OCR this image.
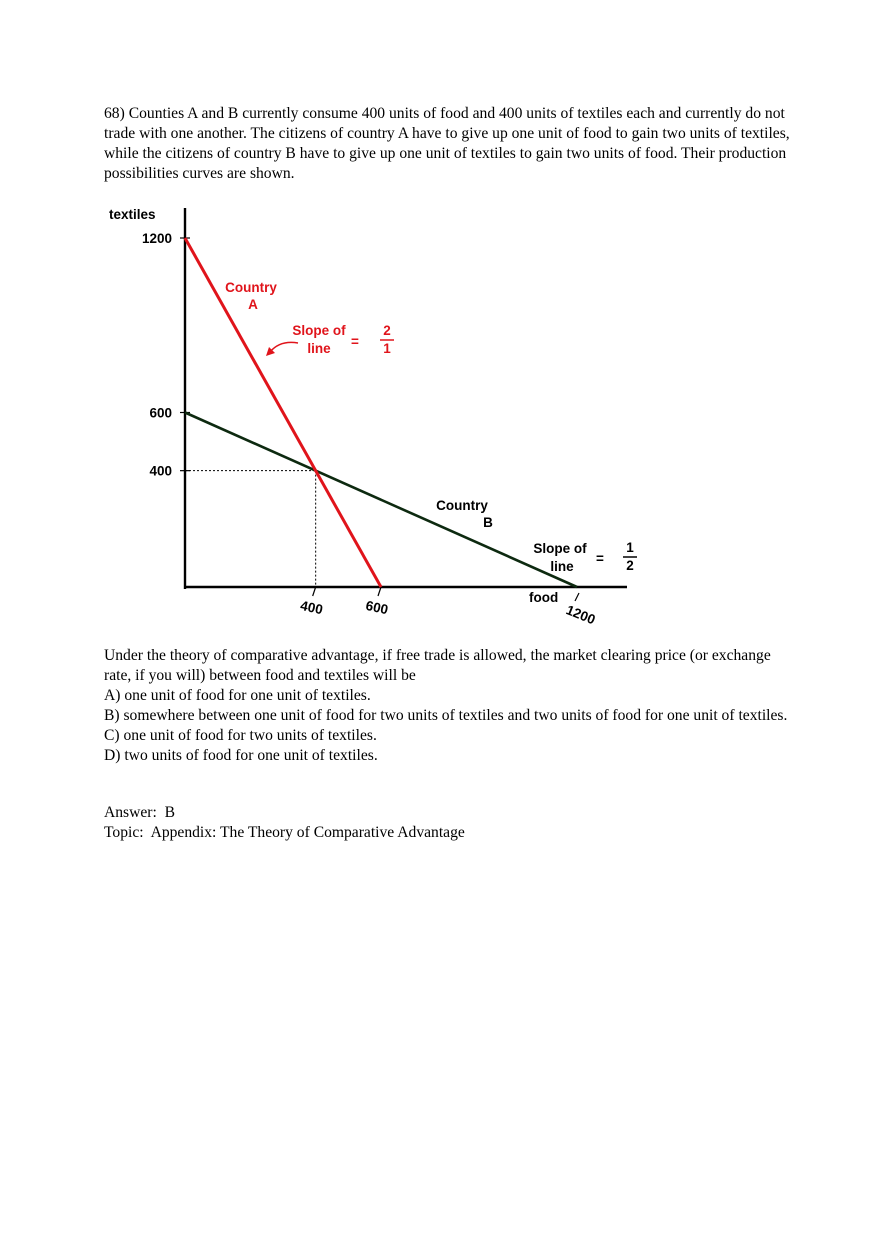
68) Counties A and B currently consume 400 units of food and 400 units of textiles each and currently do not trade with one another. The citizens of country A have to give up one unit of food to gain two units of textiles, while the citizens of country B have to give up one unit of textiles to gain two units of food. Their production possibilities curves are shown.

textiles
1200
600
400
400	600	1200
food
Country
A
Slope of
line =
2
1
Country
B
Slope of
line
=
1
2

Under the theory of comparative advantage, if free trade is allowed, the market clearing price (or exchange rate, if you will) between food and textiles will be

A) one unit of food for one unit of textiles.

B) somewhere between one unit of food for two units of textiles and two units of food for one unit of textiles.

C) one unit of food for two units of textiles.

D) two units of food for one unit of textiles.

Answer: B

Topic: Appendix: The Theory of Comparative Advantage
